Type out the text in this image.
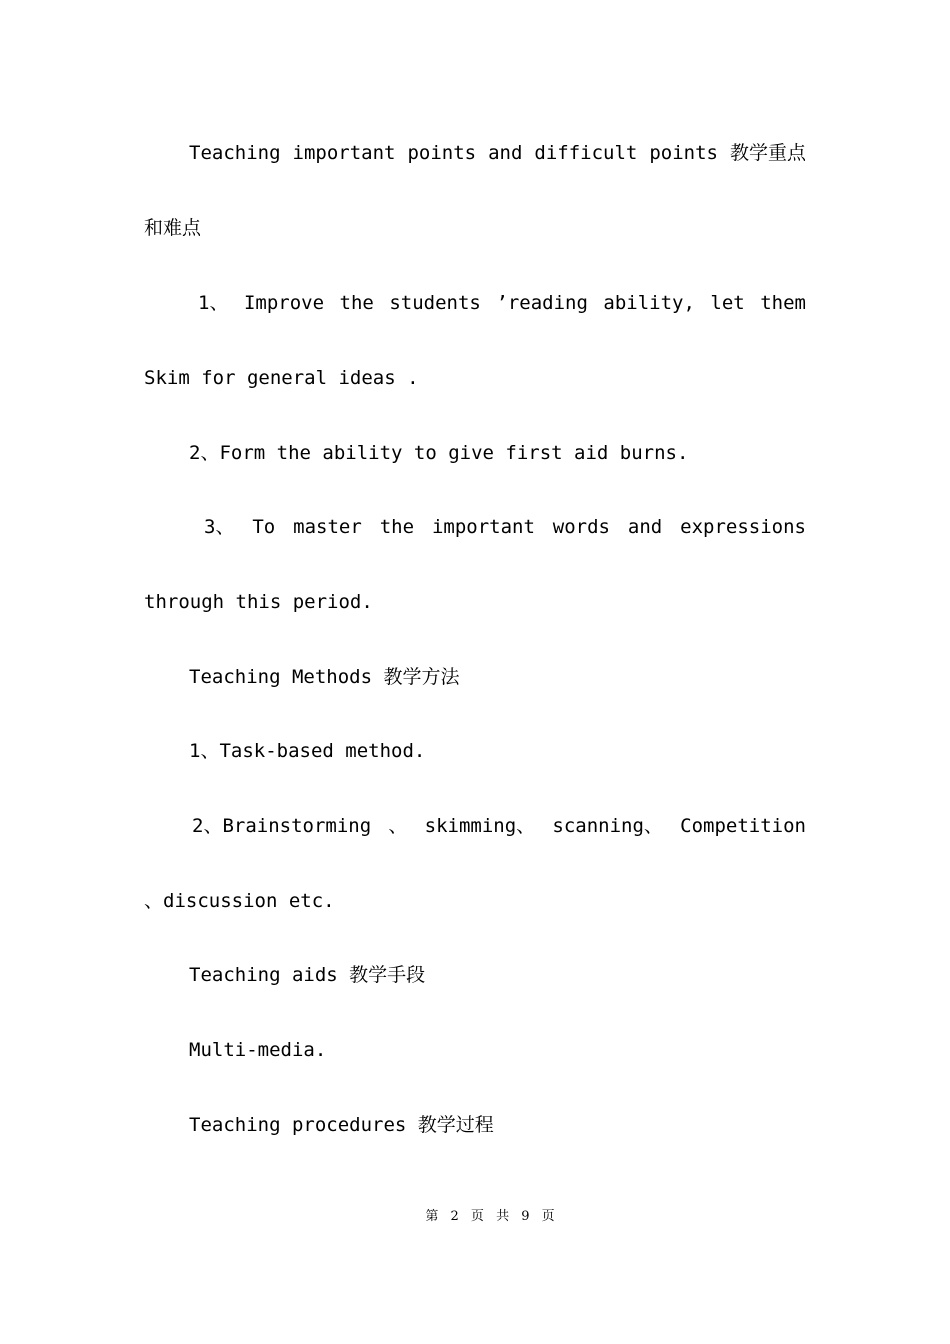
Teaching important points and difficult points 教学重点
和难点
1、 Improve the students ’reading ability, let them
Skim for general ideas .
2、Form the ability to give first aid burns.
3、 To master the important words and expressions
through this period.
Teaching Methods 教学方法
1、Task-based method.
2、Brainstorming 、 skimming、 scanning、 Competition
、discussion etc.
Teaching aids 教学手段
Multi-media.
Teaching procedures 教学过程
第 2 页 共 9 页
